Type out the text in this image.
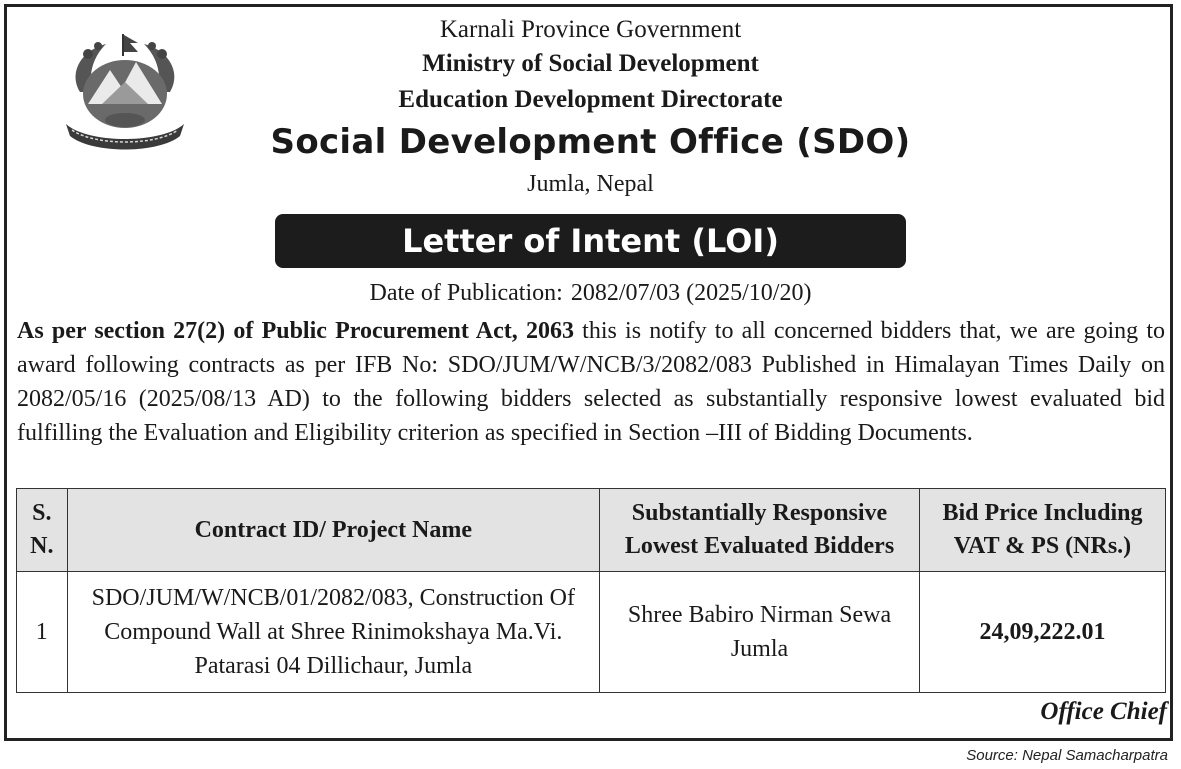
Karnali Province Government
Ministry of Social Development
Education Development Directorate
Social Development Office (SDO)
Jumla, Nepal
Letter of Intent (LOI)
Date of Publication: 2082/07/03 (2025/10/20)
As per section 27(2) of Public Procurement Act, 2063 this is notify to all concerned bidders that, we are going to award following contracts as per IFB No: SDO/JUM/W/NCB/3/2082/083 Published in Himalayan Times Daily on 2082/05/16 (2025/08/13 AD) to the following bidders selected as substantially responsive lowest evaluated bid fulfilling the Evaluation and Eligibility criterion as specified in Section –III of Bidding Documents.
S. N.	Contract ID/ Project Name	Substantially Responsive Lowest Evaluated Bidders	Bid Price Including VAT & PS (NRs.)
1	SDO/JUM/W/NCB/01/2082/083, Construction Of Compound Wall at Shree Rinimokshaya Ma.Vi. Patarasi 04 Dillichaur, Jumla	Shree Babiro Nirman Sewa Jumla	24,09,222.01
Office Chief
Source: Nepal Samacharpatra
